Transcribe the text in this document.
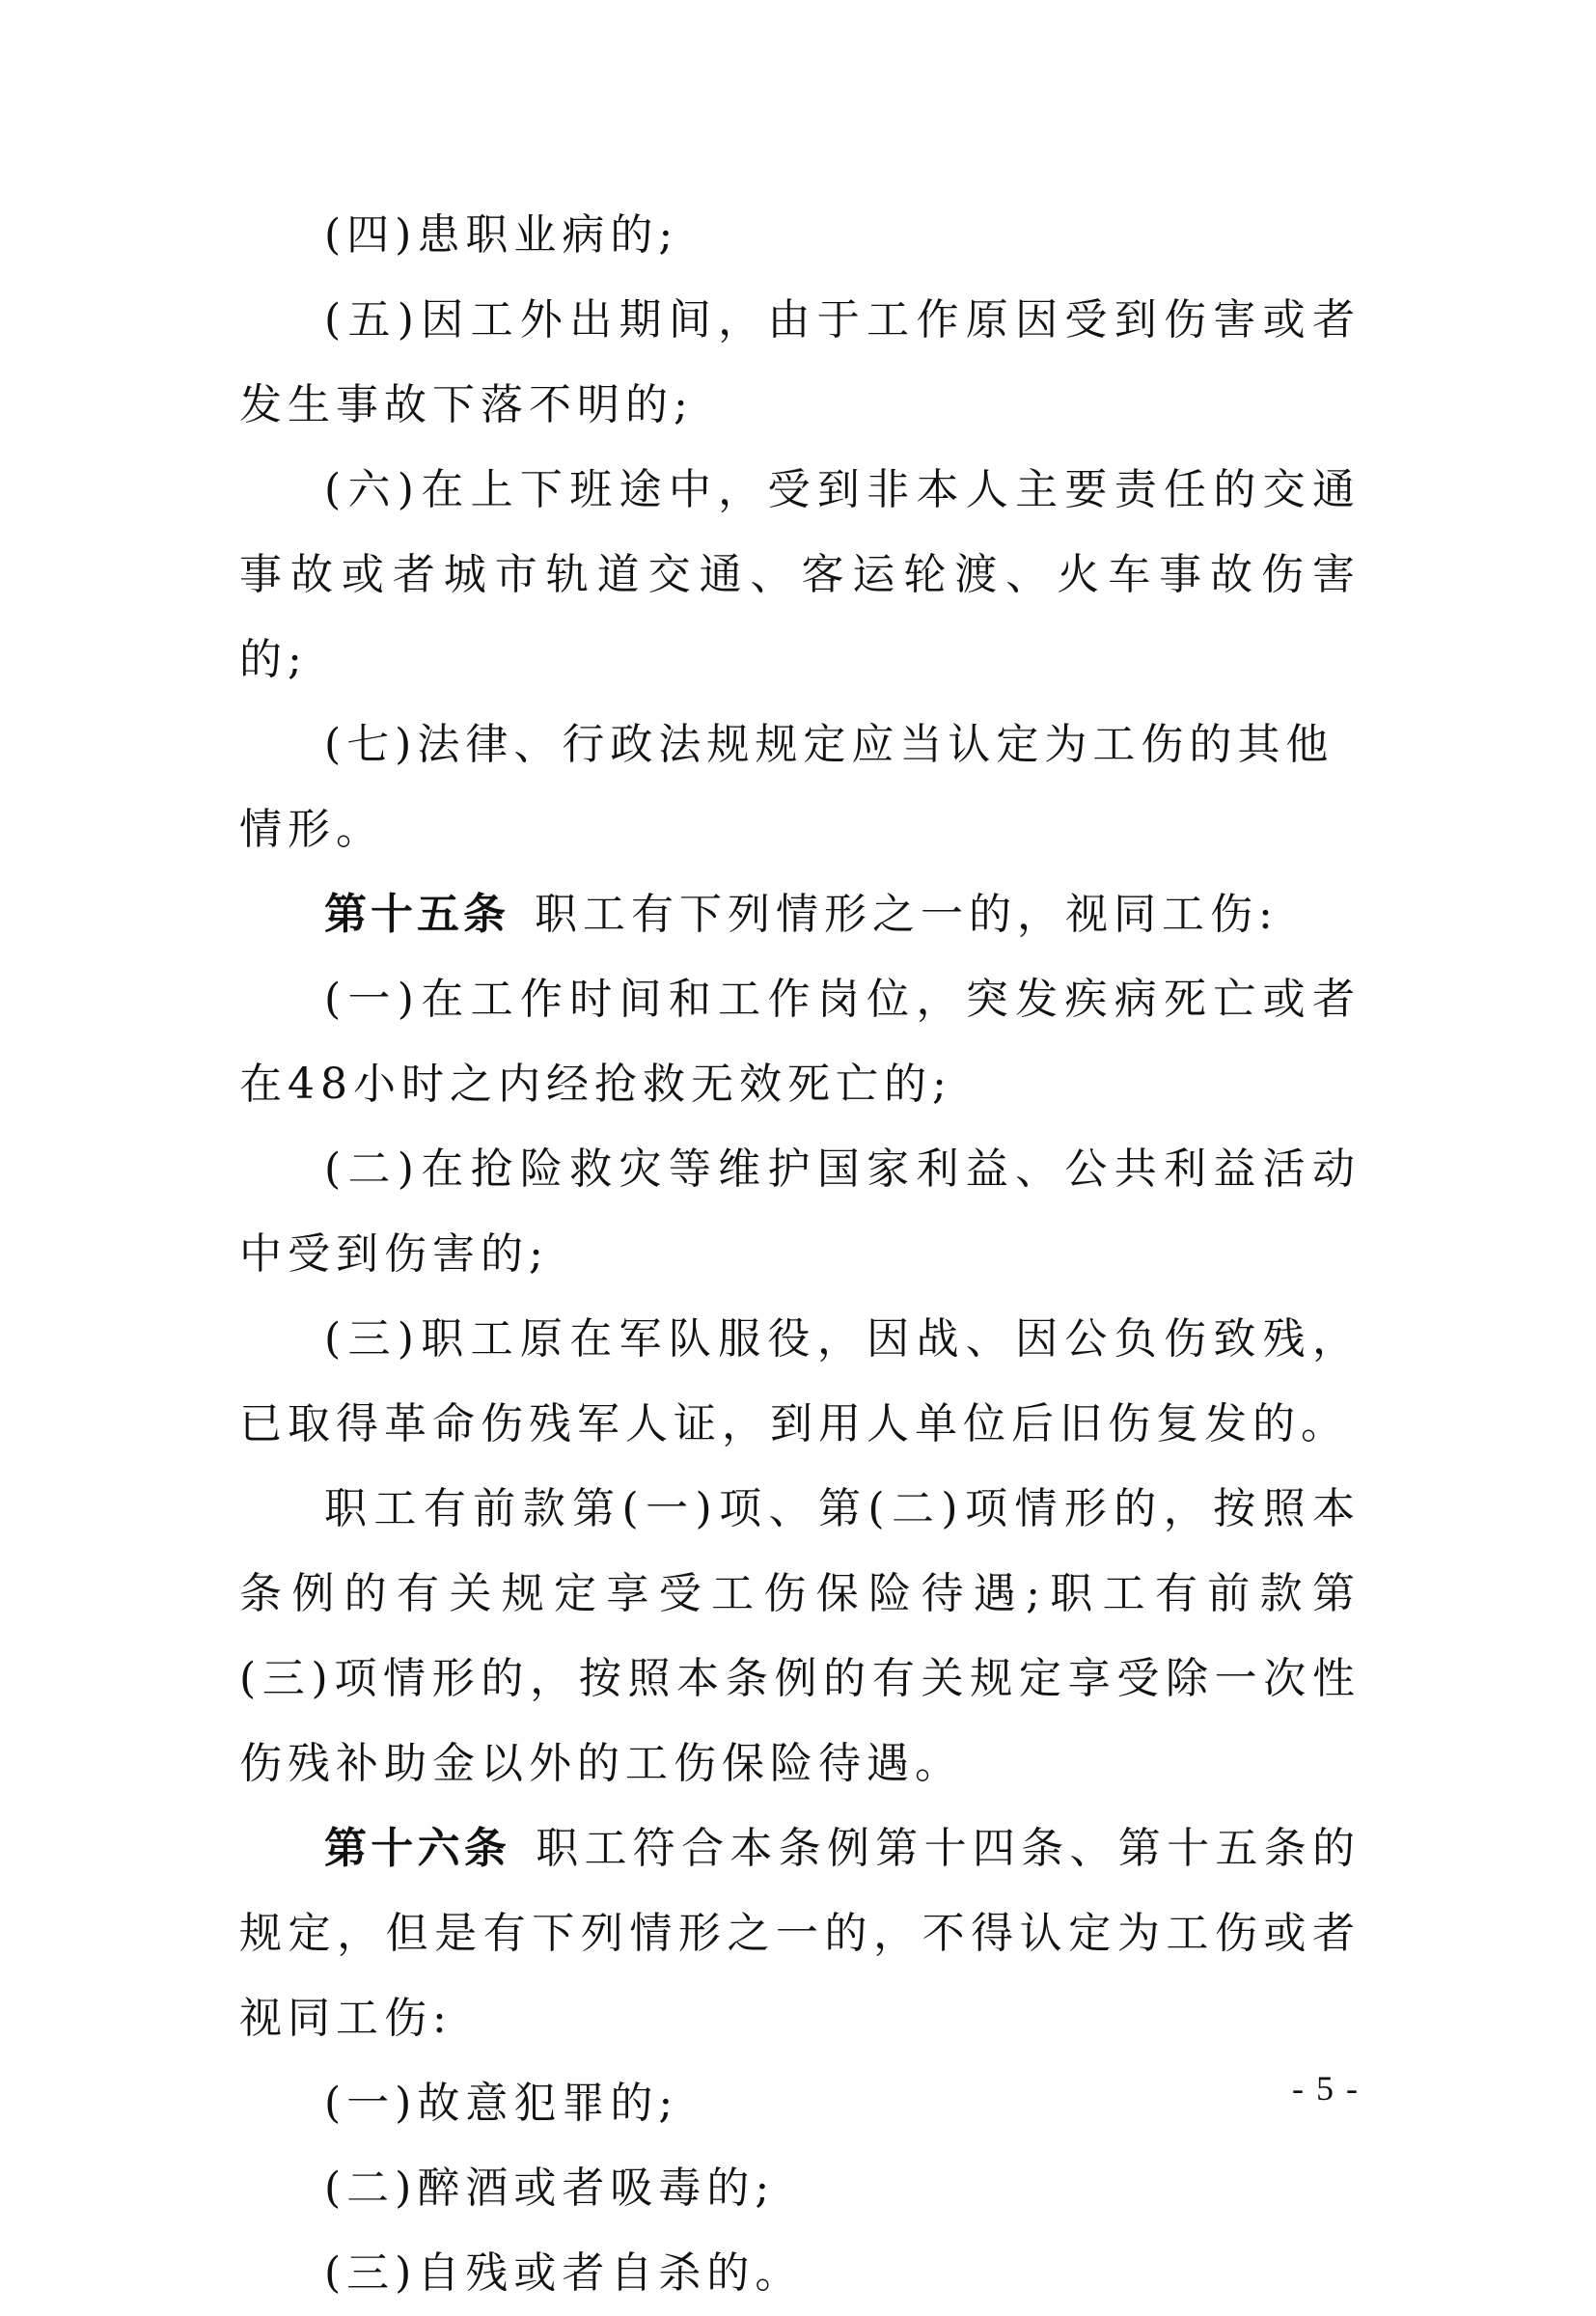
(四)患职业病的;

(五)因工外出期间，由于工作原因受到伤害或者发生事故下落不明的;

(六)在上下班途中，受到非本人主要责任的交通事故或者城市轨道交通、客运轮渡、火车事故伤害的;

(七)法律、行政法规规定应当认定为工伤的其他情形。

第十五条 职工有下列情形之一的，视同工伤:

(一)在工作时间和工作岗位，突发疾病死亡或者在48小时之内经抢救无效死亡的;

(二)在抢险救灾等维护国家利益、公共利益活动中受到伤害的;

(三)职工原在军队服役，因战、因公负伤致残，已取得革命伤残军人证，到用人单位后旧伤复发的。

职工有前款第(一)项、第(二)项情形的，按照本条例的有关规定享受工伤保险待遇;职工有前款第(三)项情形的，按照本条例的有关规定享受除一次性伤残补助金以外的工伤保险待遇。

第十六条 职工符合本条例第十四条、第十五条的规定，但是有下列情形之一的，不得认定为工伤或者视同工伤:

(一)故意犯罪的;

(二)醉酒或者吸毒的;

(三)自残或者自杀的。

- 5 -
